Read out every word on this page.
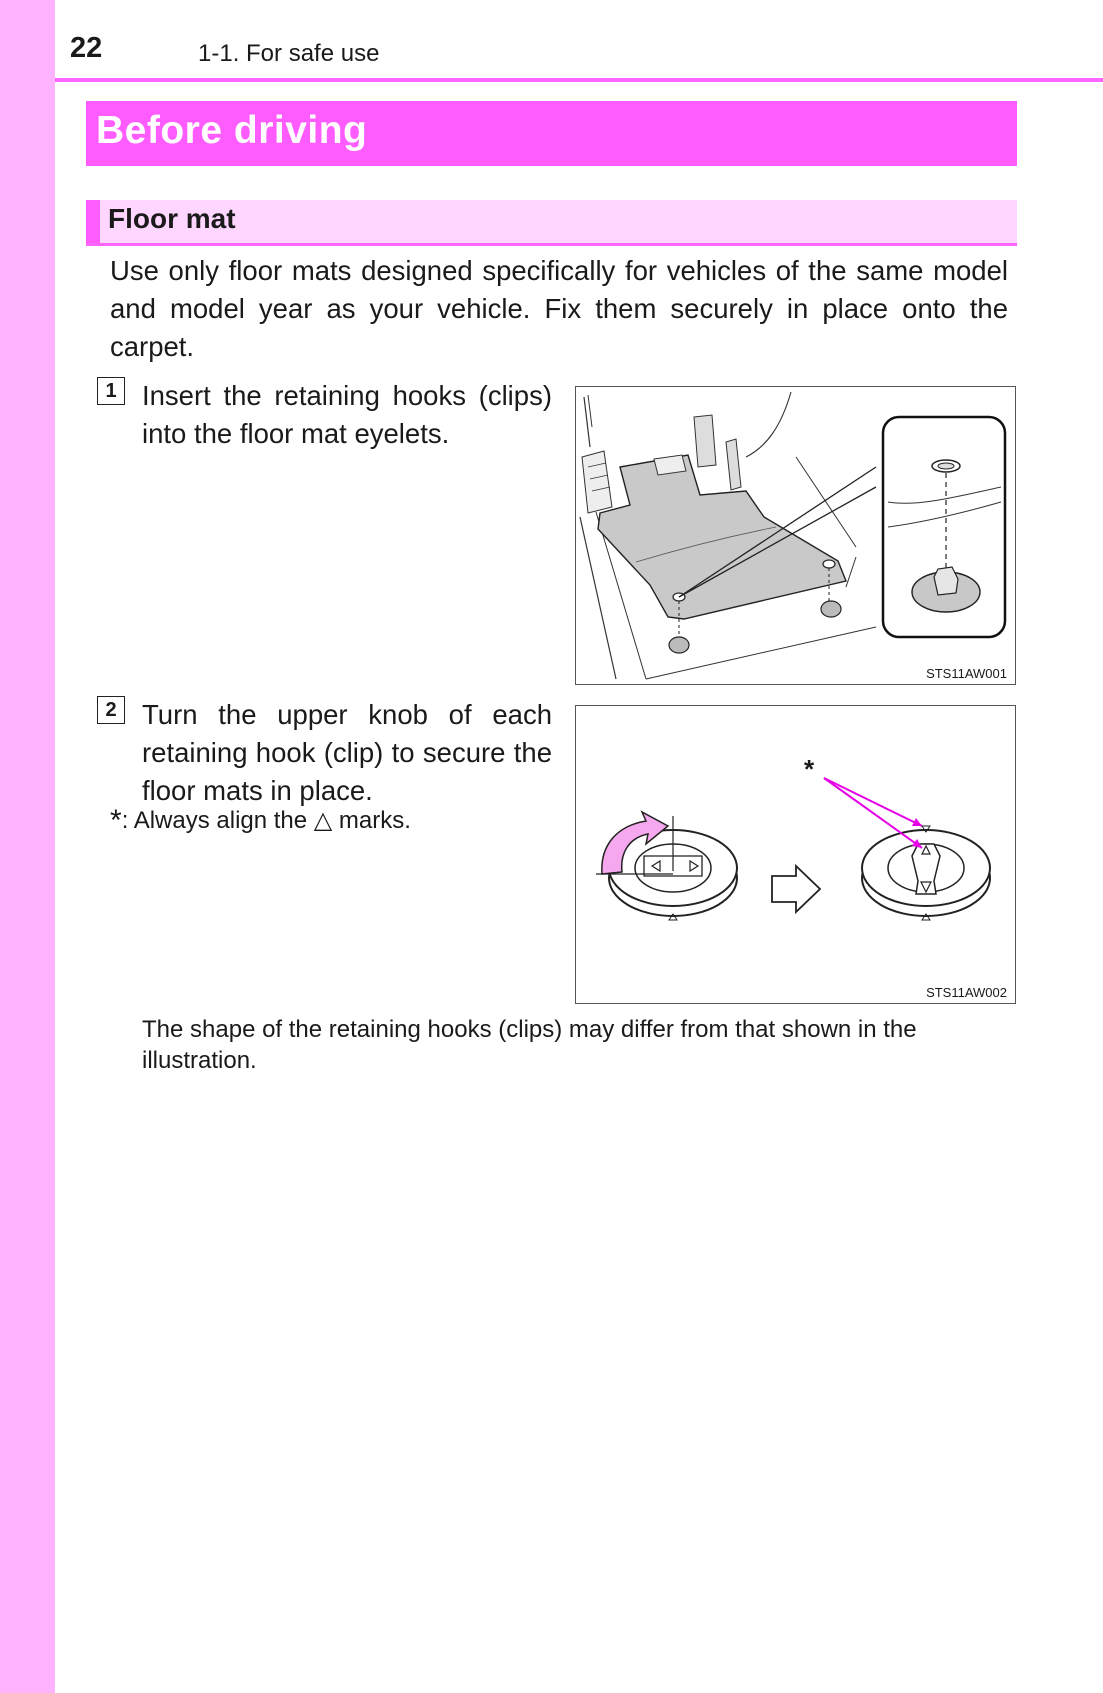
22	1-1. For safe use
Before driving
Floor mat
Use only floor mats designed specifically for vehicles of the same model and model year as your vehicle. Fix them securely in place onto the carpet.
1 Insert the retaining hooks (clips) into the floor mat eyelets.
STS11AW001
2 Turn the upper knob of each retaining hook (clip) to secure the floor mats in place.
*: Always align the △ marks.
*
STS11AW002
The shape of the retaining hooks (clips) may differ from that shown in the illustration.
